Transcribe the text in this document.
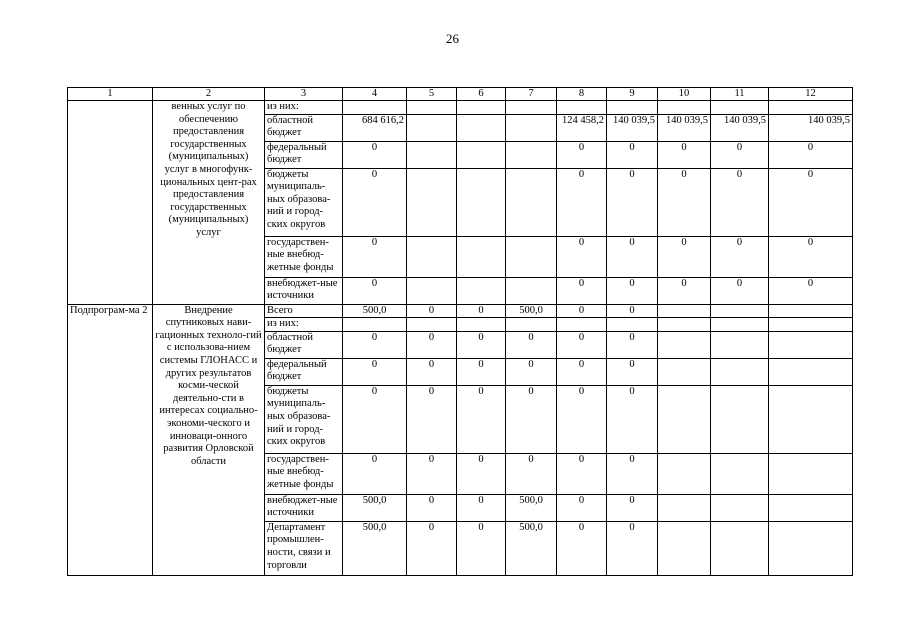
26
1	2	3	4	5	6	7	8	9	10	11	12
	венных услуг по обеспечению предоставления государственных (муниципальных) услуг в многофунк-циональных цент-рах предоставления государственных (муниципальных) услуг	из них:									
		областной бюджет	684 616,2				124 458,2	140 039,5	140 039,5	140 039,5	140 039,5
		федеральный бюджет	0				0	0	0	0	0
		бюджеты муниципаль-ных образова-ний и город-ских округов	0				0	0	0	0	0
		государствен-ные внебюд-жетные фонды	0				0	0	0	0	0
		внебюджет-ные источники	0				0	0	0	0	0
Подпрограм-ма 2	Внедрение спутниковых нави-гационных техноло-гий с использова-нием системы ГЛОНАСС и других результатов косми-ческой деятельно-сти в интересах социально-экономи-ческого и инноваци-онного развития Орловской области	Всего	500,0	0	0	500,0	0	0			
		из них:									
		областной бюджет	0	0	0	0	0	0			
		федеральный бюджет	0	0	0	0	0	0			
		бюджеты муниципаль-ных образова-ний и город-ских округов	0	0	0	0	0	0			
		государствен-ные внебюд-жетные фонды	0	0	0	0	0	0			
		внебюджет-ные источники	500,0	0	0	500,0	0	0			
		Департамент промышлен-ности, связи и торговли	500,0	0	0	500,0	0	0			
